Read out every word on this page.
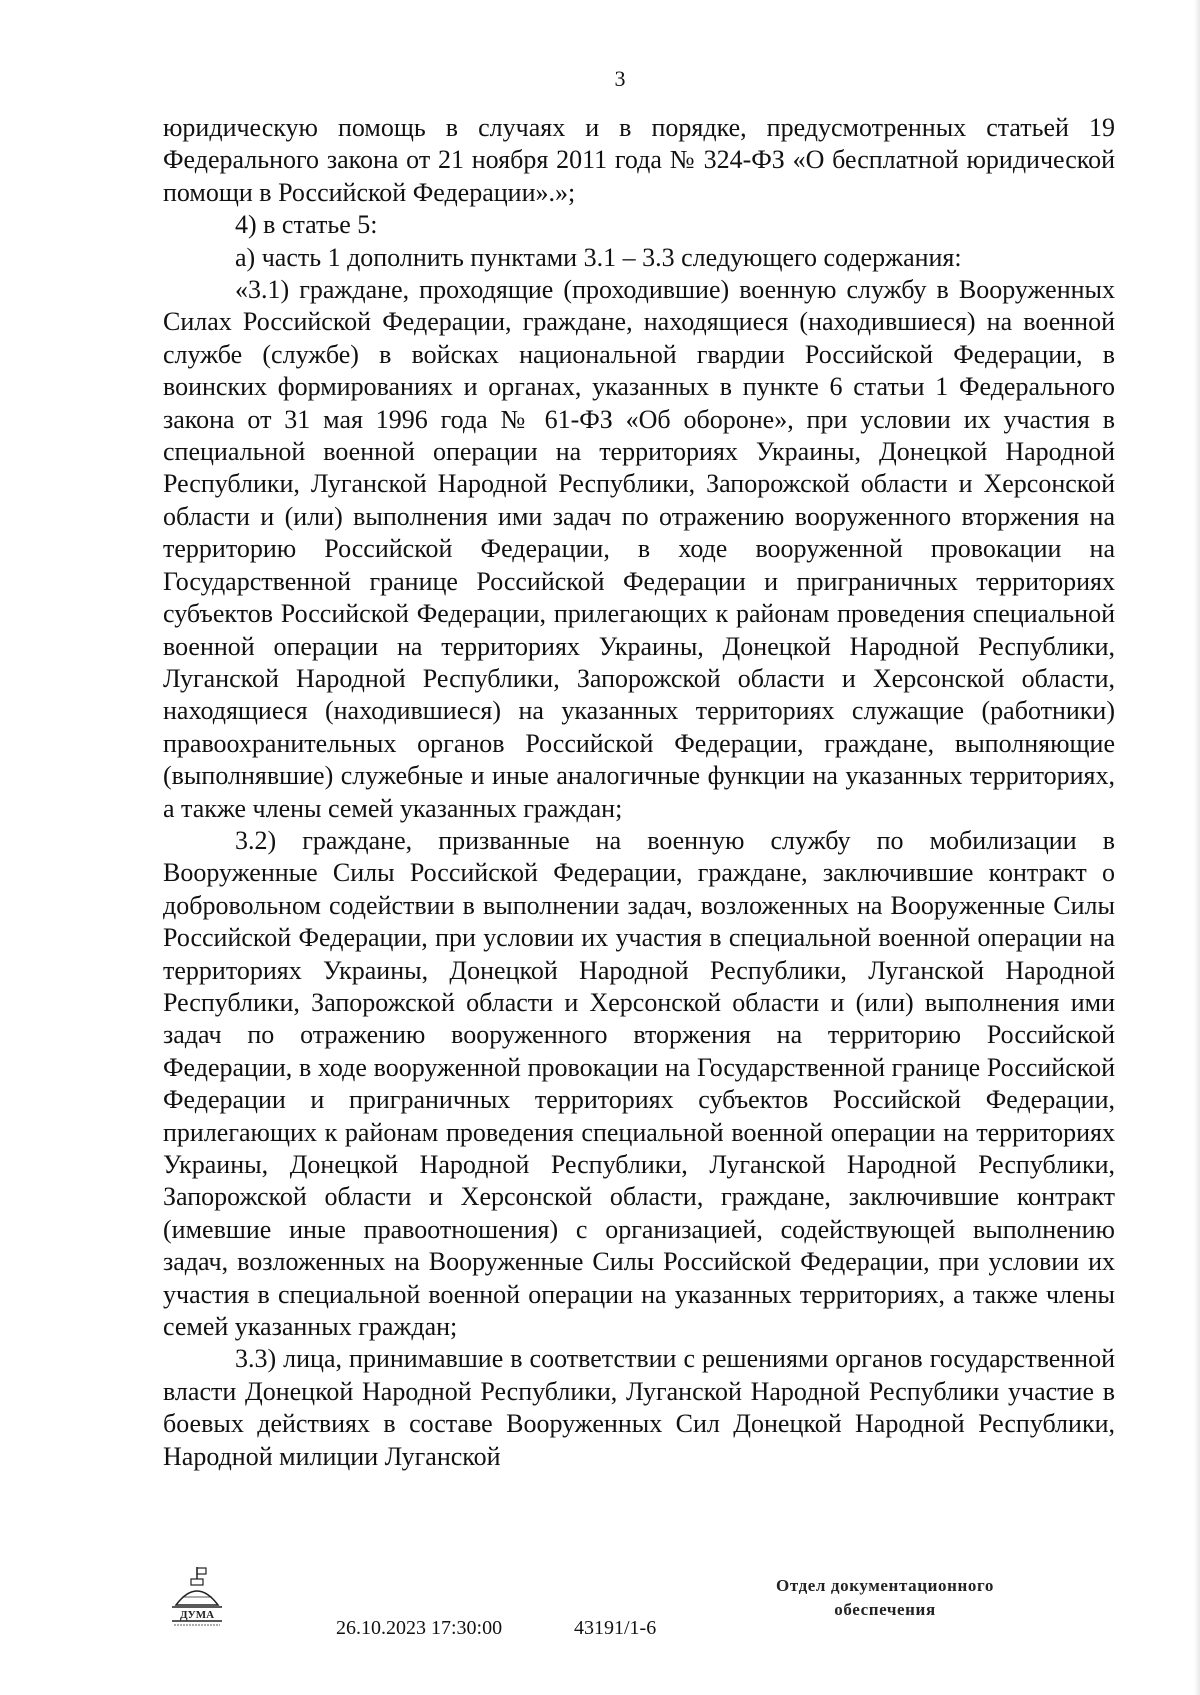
3

юридическую помощь в случаях и в порядке, предусмотренных статьей 19 Федерального закона от 21 ноября 2011 года № 324-ФЗ «О бесплатной юридической помощи в Российской Федерации».»;

4) в статье 5:

а) часть 1 дополнить пунктами 3.1 – 3.3 следующего содержания:

«3.1) граждане, проходящие (проходившие) военную службу в Вооруженных Силах Российской Федерации, граждане, находящиеся (находившиеся) на военной службе (службе) в войсках национальной гвардии Российской Федерации, в воинских формированиях и органах, указанных в пункте 6 статьи 1 Федерального закона от 31 мая 1996 года № 61-ФЗ «Об обороне», при условии их участия в специальной военной операции на территориях Украины, Донецкой Народной Республики, Луганской Народной Республики, Запорожской области и Херсонской области и (или) выполнения ими задач по отражению вооруженного вторжения на территорию Российской Федерации, в ходе вооруженной провокации на Государственной границе Российской Федерации и приграничных территориях субъектов Российской Федерации, прилегающих к районам проведения специальной военной операции на территориях Украины, Донецкой Народной Республики, Луганской Народной Республики, Запорожской области и Херсонской области, находящиеся (находившиеся) на указанных территориях служащие (работники) правоохранительных органов Российской Федерации, граждане, выполняющие (выполнявшие) служебные и иные аналогичные функции на указанных территориях, а также члены семей указанных граждан;

3.2) граждане, призванные на военную службу по мобилизации в Вооруженные Силы Российской Федерации, граждане, заключившие контракт о добровольном содействии в выполнении задач, возложенных на Вооруженные Силы Российской Федерации, при условии их участия в специальной военной операции на территориях Украины, Донецкой Народной Республики, Луганской Народной Республики, Запорожской области и Херсонской области и (или) выполнения ими задач по отражению вооруженного вторжения на территорию Российской Федерации, в ходе вооруженной провокации на Государственной границе Российской Федерации и приграничных территориях субъектов Российской Федерации, прилегающих к районам проведения специальной военной операции на территориях Украины, Донецкой Народной Республики, Луганской Народной Республики, Запорожской области и Херсонской области, граждане, заключившие контракт (имевшие иные правоотношения) с организацией, содействующей выполнению задач, возложенных на Вооруженные Силы Российской Федерации, при условии их участия в специальной военной операции на указанных территориях, а также члены семей указанных граждан;

3.3) лица, принимавшие в соответствии с решениями органов государственной власти Донецкой Народной Республики, Луганской Народной Республики участие в боевых действиях в составе Вооруженных Сил Донецкой Народной Республики, Народной милиции Луганской

ДУМА
26.10.2023 17:30:00	43191/1-6
Отдел документационного
обеспечения
